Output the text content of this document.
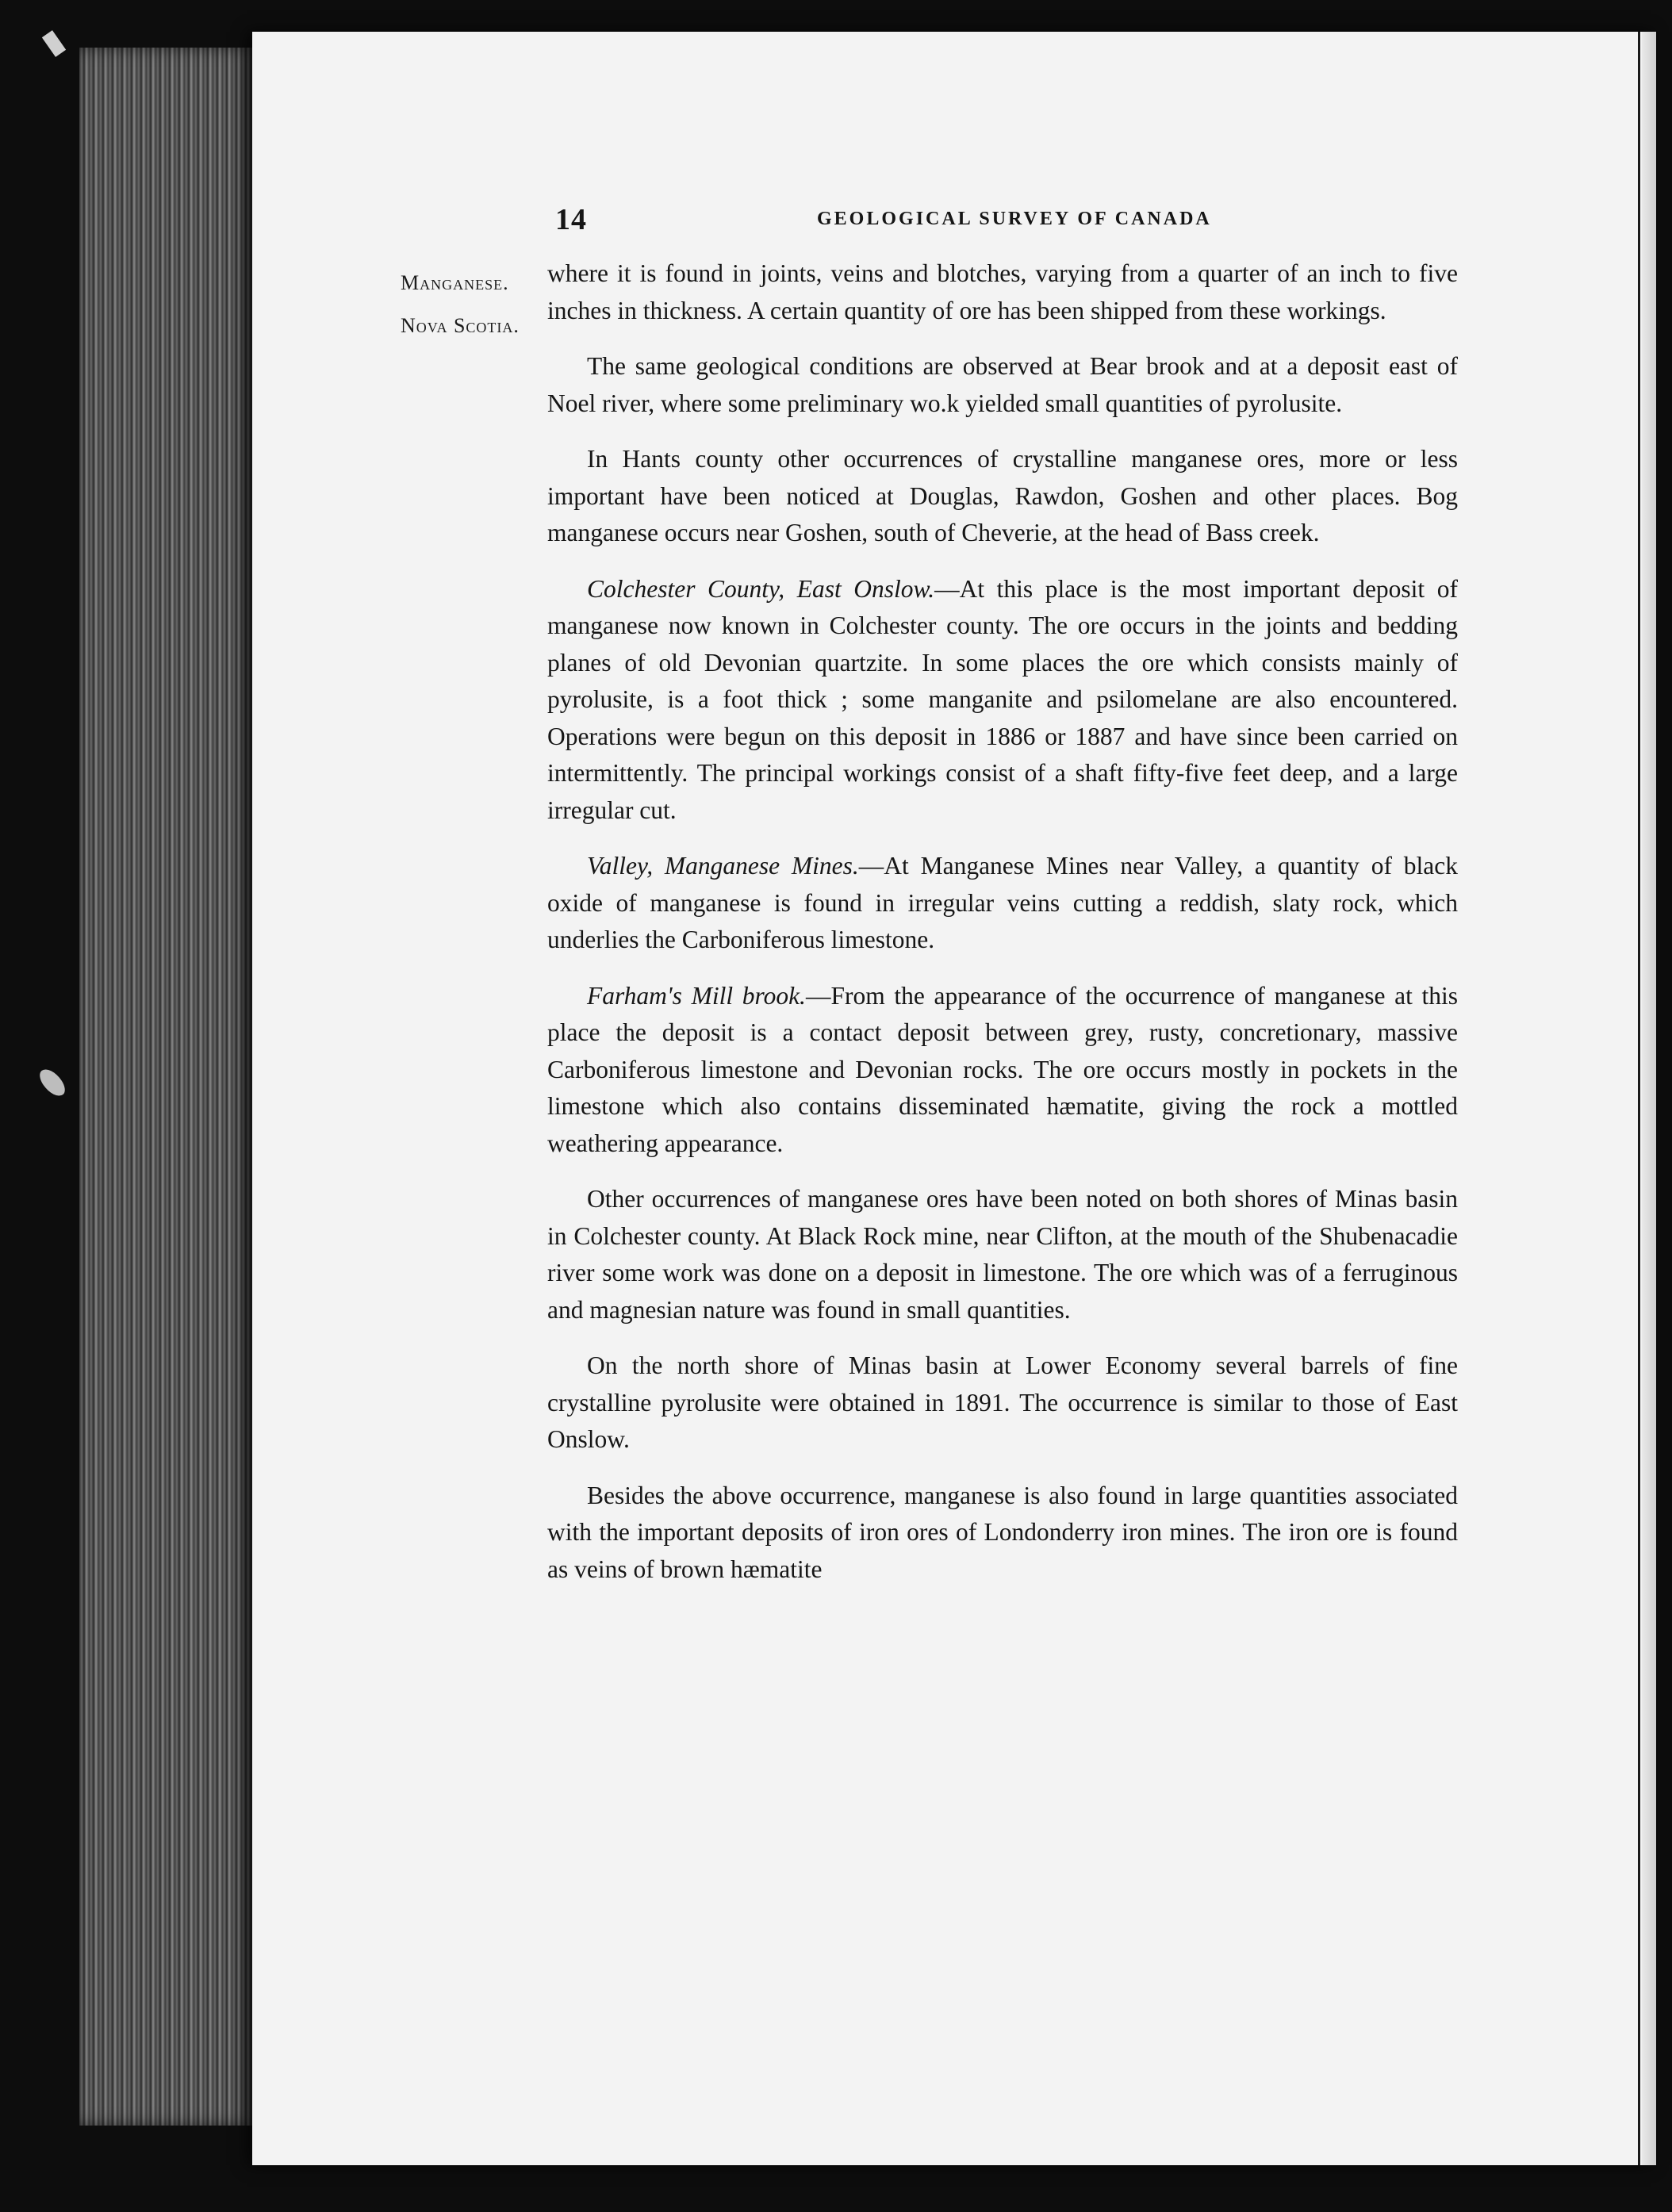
14	GEOLOGICAL SURVEY OF CANADA
Manganese.
Nova Scotia.

where it is found in joints, veins and blotches, varying from a quarter of an inch to five inches in thickness. A certain quantity of ore has been shipped from these workings.

The same geological conditions are observed at Bear brook and at a deposit east of Noel river, where some preliminary wo.k yielded small quantities of pyrolusite.

In Hants county other occurrences of crystalline manganese ores, more or less important have been noticed at Douglas, Rawdon, Goshen and other places. Bog manganese occurs near Goshen, south of Cheverie, at the head of Bass creek.

Colchester County, East Onslow.—At this place is the most important deposit of manganese now known in Colchester county. The ore occurs in the joints and bedding planes of old Devonian quartzite. In some places the ore which consists mainly of pyrolusite, is a foot thick ; some manganite and psilomelane are also encountered. Operations were begun on this deposit in 1886 or 1887 and have since been carried on intermittently. The principal workings consist of a shaft fifty-five feet deep, and a large irregular cut.

Valley, Manganese Mines.—At Manganese Mines near Valley, a quantity of black oxide of manganese is found in irregular veins cutting a reddish, slaty rock, which underlies the Carboniferous limestone.

Farham's Mill brook.—From the appearance of the occurrence of manganese at this place the deposit is a contact deposit between grey, rusty, concretionary, massive Carboniferous limestone and Devonian rocks. The ore occurs mostly in pockets in the limestone which also contains disseminated hæmatite, giving the rock a mottled weathering appearance.

Other occurrences of manganese ores have been noted on both shores of Minas basin in Colchester county. At Black Rock mine, near Clifton, at the mouth of the Shubenacadie river some work was done on a deposit in limestone. The ore which was of a ferruginous and magnesian nature was found in small quantities.

On the north shore of Minas basin at Lower Economy several barrels of fine crystalline pyrolusite were obtained in 1891. The occurrence is similar to those of East Onslow.

Besides the above occurrence, manganese is also found in large quantities associated with the important deposits of iron ores of Londonderry iron mines. The iron ore is found as veins of brown hæmatite
